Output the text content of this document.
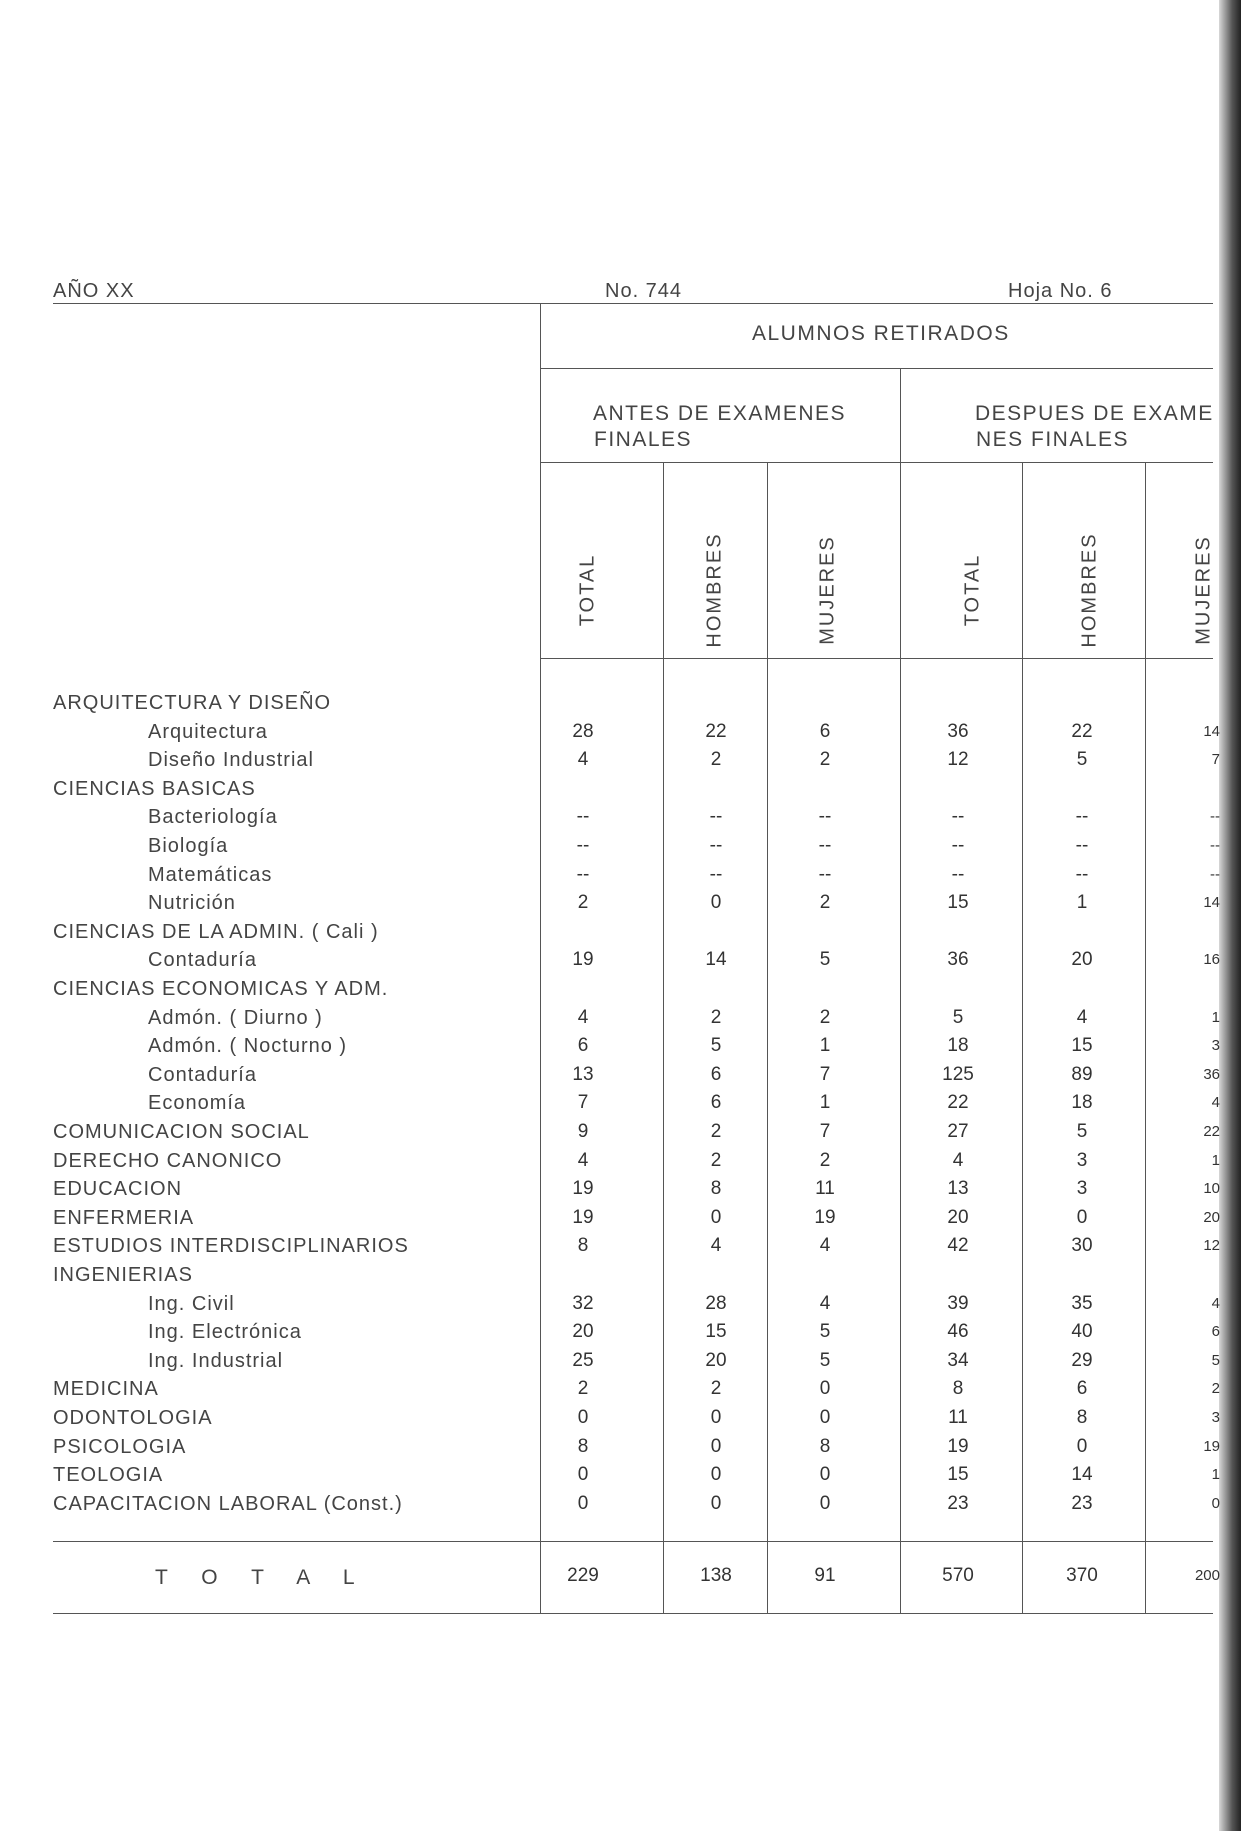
AÑO XX	No. 744	Hoja No. 6
ALUMNOS RETIRADOS
ANTES DE EXAMENES
FINALES
DESPUES DE EXAME
NES FINALES
TOTAL	HOMBRES	MUJERES	TOTAL	HOMBRES	MUJERES
ARQUITECTURA Y DISEÑO
Arquitectura	28	22	6	36	22	14
Diseño Industrial	4	2	2	12	5	7
CIENCIAS BASICAS
Bacteriología	--	--	--	--	--	--
Biología	--	--	--	--	--	--
Matemáticas	--	--	--	--	--	--
Nutrición	2	0	2	15	1	14
CIENCIAS DE LA ADMIN. ( Cali )
Contaduría	19	14	5	36	20	16
CIENCIAS ECONOMICAS Y ADM.
Admón. ( Diurno )	4	2	2	5	4	1
Admón. ( Nocturno )	6	5	1	18	15	3
Contaduría	13	6	7	125	89	36
Economía	7	6	1	22	18	4
COMUNICACION SOCIAL	9	2	7	27	5	22
DERECHO CANONICO	4	2	2	4	3	1
EDUCACION	19	8	11	13	3	10
ENFERMERIA	19	0	19	20	0	20
ESTUDIOS INTERDISCIPLINARIOS	8	4	4	42	30	12
INGENIERIAS
Ing. Civil	32	28	4	39	35	4
Ing. Electrónica	20	15	5	46	40	6
Ing. Industrial	25	20	5	34	29	5
MEDICINA	2	2	0	8	6	2
ODONTOLOGIA	0	0	0	11	8	3
PSICOLOGIA	8	0	8	19	0	19
TEOLOGIA	0	0	0	15	14	1
CAPACITACION LABORAL (Const.)	0	0	0	23	23	0
T O T A L	229	138	91	570	370	200
